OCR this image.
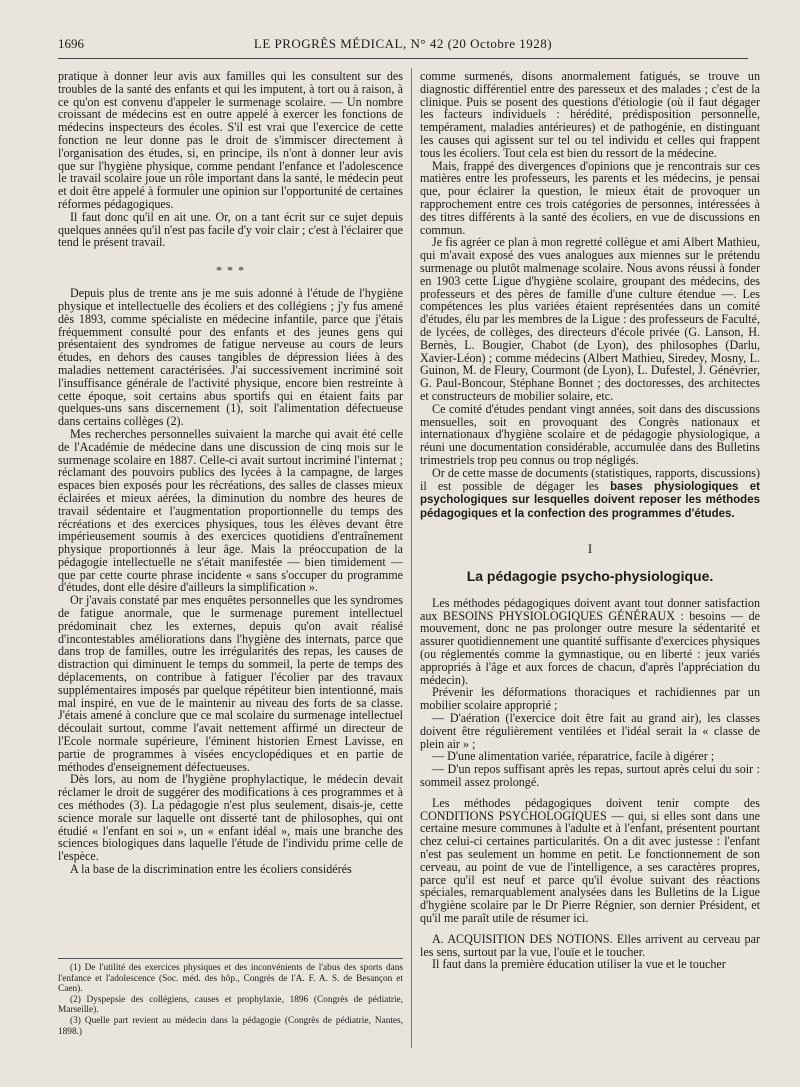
1696	LE PROGRÈS MÉDICAL, N° 42 (20 Octobre 1928)

pratique à donner leur avis aux familles qui les consultent sur des troubles de la santé des enfants et qui les imputent, à tort ou à raison, à ce qu'on est convenu d'appeler le surmenage scolaire. — Un nombre croissant de médecins est en outre appelé à exercer les fonctions de médecins inspecteurs des écoles. S'il est vrai que l'exercice de cette fonction ne leur donne pas le droit de s'immiscer directement à l'organisation des études, si, en principe, ils n'ont à donner leur avis que sur l'hygiène physique, comme pendant l'enfance et l'adolescence le travail scolaire joue un rôle important dans la santé, le médecin peut et doit être appelé à formuler une opinion sur l'opportunité de certaines réformes pédagogiques.

Il faut donc qu'il en ait une. Or, on a tant écrit sur ce sujet depuis quelques années qu'il n'est pas facile d'y voir clair ; c'est à l'éclairer que tend le présent travail.

* * *

Depuis plus de trente ans je me suis adonné à l'étude de l'hygiène physique et intellectuelle des écoliers et des collégiens ; j'y fus amené dès 1893, comme spécialiste en médecine infantile, parce que j'étais fréquemment consulté pour des enfants et des jeunes gens qui présentaient des syndromes de fatigue nerveuse au cours de leurs études, en dehors des causes tangibles de dépression liées à des maladies nettement caractérisées. J'ai successivement incriminé soit l'insuffisance générale de l'activité physique, encore bien restreinte à cette époque, soit certains abus sportifs qui en étaient faits par quelques-uns sans discernement (1), soit l'alimentation défectueuse dans certains collèges (2).

Mes recherches personnelles suivaient la marche qui avait été celle de l'Académie de médecine dans une discussion de cinq mois sur le surmenage scolaire en 1887. Celle-ci avait surtout incriminé l'internat ; réclamant des pouvoirs publics des lycées à la campagne, de larges espaces bien exposés pour les récréations, des salles de classes mieux éclairées et mieux aérées, la diminution du nombre des heures de travail sédentaire et l'augmentation proportionnelle du temps des récréations et des exercices physiques, tous les élèves devant être impérieusement soumis à des exercices quotidiens d'entraînement physique proportionnés à leur âge. Mais la préoccupation de la pédagogie intellectuelle ne s'était manifestée — bien timidement — que par cette courte phrase incidente « sans s'occuper du programme d'études, dont elle désire d'ailleurs la simplification ».

Or j'avais constaté par mes enquêtes personnelles que les syndromes de fatigue anormale, que le surmenage purement intellectuel prédominait chez les externes, depuis qu'on avait réalisé d'incontestables améliorations dans l'hygiène des internats, parce que dans trop de familles, outre les irrégularités des repas, les causes de distraction qui diminuent le temps du sommeil, la perte de temps des déplacements, on contribue à fatiguer l'écolier par des travaux supplémentaires imposés par quelque répétiteur bien intentionné, mais mal inspiré, en vue de le maintenir au niveau des forts de sa classe. J'étais amené à conclure que ce mal scolaire du surmenage intellectuel découlait surtout, comme l'avait nettement affirmé un directeur de l'Ecole normale supérieure, l'éminent historien Ernest Lavisse, en partie de programmes à visées encyclopédiques et en partie de méthodes d'enseignement défectueuses.

Dès lors, au nom de l'hygiène prophylactique, le médecin devait réclamer le droit de suggérer des modifications à ces programmes et à ces méthodes (3). La pédagogie n'est plus seulement, disais-je, cette science morale sur laquelle ont disserté tant de philosophes, qui ont étudié « l'enfant en soi », un « enfant idéal », mais une branche des sciences biologiques dans laquelle l'étude de l'individu prime celle de l'espèce.

A la base de la discrimination entre les écoliers considérés

(1) De l'utilité des exercices physiques et des inconvénients de l'abus des sports dans l'enfance et l'adolescence (Soc. méd. des hôp., Congrès de l'A. F. A. S. de Besançon et Caen).

(2) Dyspepsie des collégiens, causes et prophylaxie, 1896 (Congrès de pédiatrie, Marseille).

(3) Quelle part revient au médecin dans la pédagogie (Congrès de pédiatrie, Nantes, 1898.)

comme surmenés, disons anormalement fatigués, se trouve un diagnostic différentiel entre des paresseux et des malades ; c'est de la clinique. Puis se posent des questions d'étiologie (où il faut dégager les facteurs individuels : hérédité, prédisposition personnelle, tempérament, maladies antérieures) et de pathogénie, en distinguant les causes qui agissent sur tel ou tel individu et celles qui frappent tous les écoliers. Tout cela est bien du ressort de la médecine.

Mais, frappé des divergences d'opinions que je rencontrais sur ces matières entre les professeurs, les parents et les médecins, je pensai que, pour éclairer la question, le mieux était de provoquer un rapprochement entre ces trois catégories de personnes, intéressées à des titres différents à la santé des écoliers, en vue de discussions en commun.

Je fis agréer ce plan à mon regretté collègue et ami Albert Mathieu, qui m'avait exposé des vues analogues aux miennes sur le prétendu surmenage ou plutôt malmenage scolaire. Nous avons réussi à fonder en 1903 cette Ligue d'hygiène scolaire, groupant des médecins, des professeurs et des pères de famille d'une culture étendue —. Les compétences les plus variées étaient représentées dans un comité d'études, élu par les membres de la Ligue : des professeurs de Faculté, de lycées, de collèges, des directeurs d'école privée (G. Lanson, H. Bernès, L. Bougier, Chabot (de Lyon), des philosophes (Darlu, Xavier-Léon) ; comme médecins (Albert Mathieu, Siredey, Mosny, L. Guinon, M. de Fleury, Courmont (de Lyon), L. Dufestel, J. Génévrier, G. Paul-Boncour, Stéphane Bonnet ; des doctoresses, des architectes et constructeurs de mobilier solaire, etc.

Ce comité d'études pendant vingt années, soit dans des discussions mensuelles, soit en provoquant des Congrès nationaux et internationaux d'hygiène scolaire et de pédagogie physiologique, a réuni une documentation considérable, accumulée dans des Bulletins trimestriels trop peu connus ou trop négligés.

Or de cette masse de documents (statistiques, rapports, discussions) il est possible de dégager les bases physiologiques et psychologiques sur lesquelles doivent reposer les méthodes pédagogiques et la confection des programmes d'études.

I
La pédagogie psycho-physiologique.

Les méthodes pédagogiques doivent avant tout donner satisfaction aux BESOINS PHYSIOLOGIQUES GÉNÉRAUX : besoins — de mouvement, donc ne pas prolonger outre mesure la sédentarité et assurer quotidiennement une quantité suffisante d'exercices physiques (ou réglementés comme la gymnastique, ou en liberté : jeux variés appropriés à l'âge et aux forces de chacun, d'après l'appréciation du médecin).

Prévenir les déformations thoraciques et rachidiennes par un mobilier scolaire approprié ;

— D'aération (l'exercice doit être fait au grand air), les classes doivent être régulièrement ventilées et l'idéal serait la « classe de plein air » ;

— D'une alimentation variée, réparatrice, facile à digérer ;

— D'un repos suffisant après les repas, surtout après celui du soir : sommeil assez prolongé.

Les méthodes pédagogiques doivent tenir compte des CONDITIONS PSYCHOLOGIQUES — qui, si elles sont dans une certaine mesure communes à l'adulte et à l'enfant, présentent pourtant chez celui-ci certaines particularités. On a dit avec justesse : l'enfant n'est pas seulement un homme en petit. Le fonctionnement de son cerveau, au point de vue de l'intelligence, a ses caractères propres, parce qu'il est neuf et parce qu'il évolue suivant des réactions spéciales, remarquablement analysées dans les Bulletins de la Ligue d'hygiène scolaire par le Dr Pierre Régnier, son dernier Président, et qu'il me paraît utile de résumer ici.

A. ACQUISITION DES NOTIONS. Elles arrivent au cerveau par les sens, surtout par la vue, l'ouïe et le toucher.

Il faut dans la première éducation utiliser la vue et le toucher
